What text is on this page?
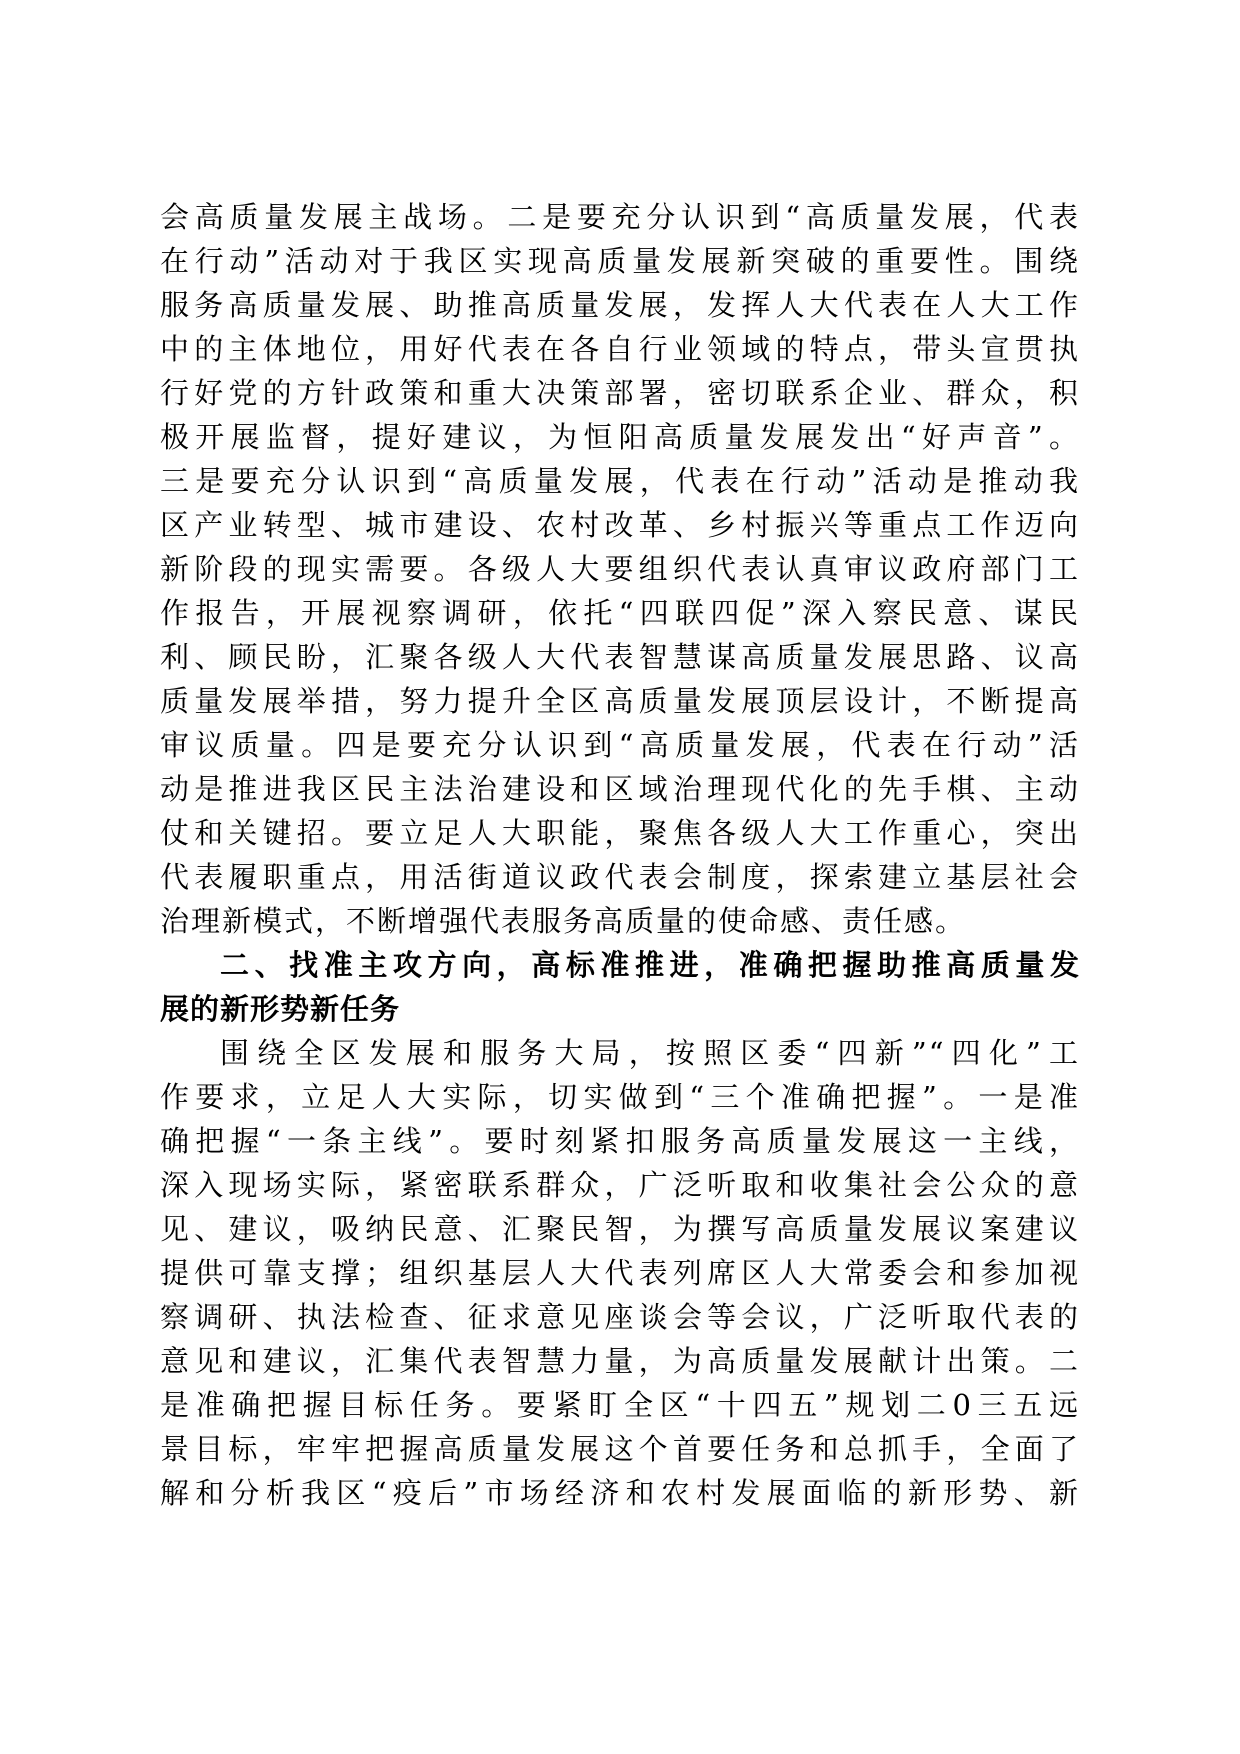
会高质量发展主战场。二是要充分认识到“高质量发展，代表
在行动”活动对于我区实现高质量发展新突破的重要性。围绕
服务高质量发展、助推高质量发展，发挥人大代表在人大工作
中的主体地位，用好代表在各自行业领域的特点，带头宣贯执
行好党的方针政策和重大决策部署，密切联系企业、群众，积
极开展监督，提好建议，为恒阳高质量发展发出“好声音”。
三是要充分认识到“高质量发展，代表在行动”活动是推动我
区产业转型、城市建设、农村改革、乡村振兴等重点工作迈向
新阶段的现实需要。各级人大要组织代表认真审议政府部门工
作报告，开展视察调研，依托“四联四促”深入察民意、谋民
利、顾民盼，汇聚各级人大代表智慧谋高质量发展思路、议高
质量发展举措，努力提升全区高质量发展顶层设计，不断提高
审议质量。四是要充分认识到“高质量发展，代表在行动”活
动是推进我区民主法治建设和区域治理现代化的先手棋、主动
仗和关键招。要立足人大职能，聚焦各级人大工作重心，突出
代表履职重点，用活街道议政代表会制度，探索建立基层社会
治理新模式，不断增强代表服务高质量的使命感、责任感。
二、找准主攻方向，高标准推进，准确把握助推高质量发
展的新形势新任务
围绕全区发展和服务大局，按照区委“四新”“四化”工
作要求，立足人大实际，切实做到“三个准确把握”。一是准
确把握“一条主线”。要时刻紧扣服务高质量发展这一主线，
深入现场实际，紧密联系群众，广泛听取和收集社会公众的意
见、建议，吸纳民意、汇聚民智，为撰写高质量发展议案建议
提供可靠支撑；组织基层人大代表列席区人大常委会和参加视
察调研、执法检查、征求意见座谈会等会议，广泛听取代表的
意见和建议，汇集代表智慧力量，为高质量发展献计出策。二
是准确把握目标任务。要紧盯全区“十四五”规划二0三五远
景目标，牢牢把握高质量发展这个首要任务和总抓手，全面了
解和分析我区“疫后”市场经济和农村发展面临的新形势、新
